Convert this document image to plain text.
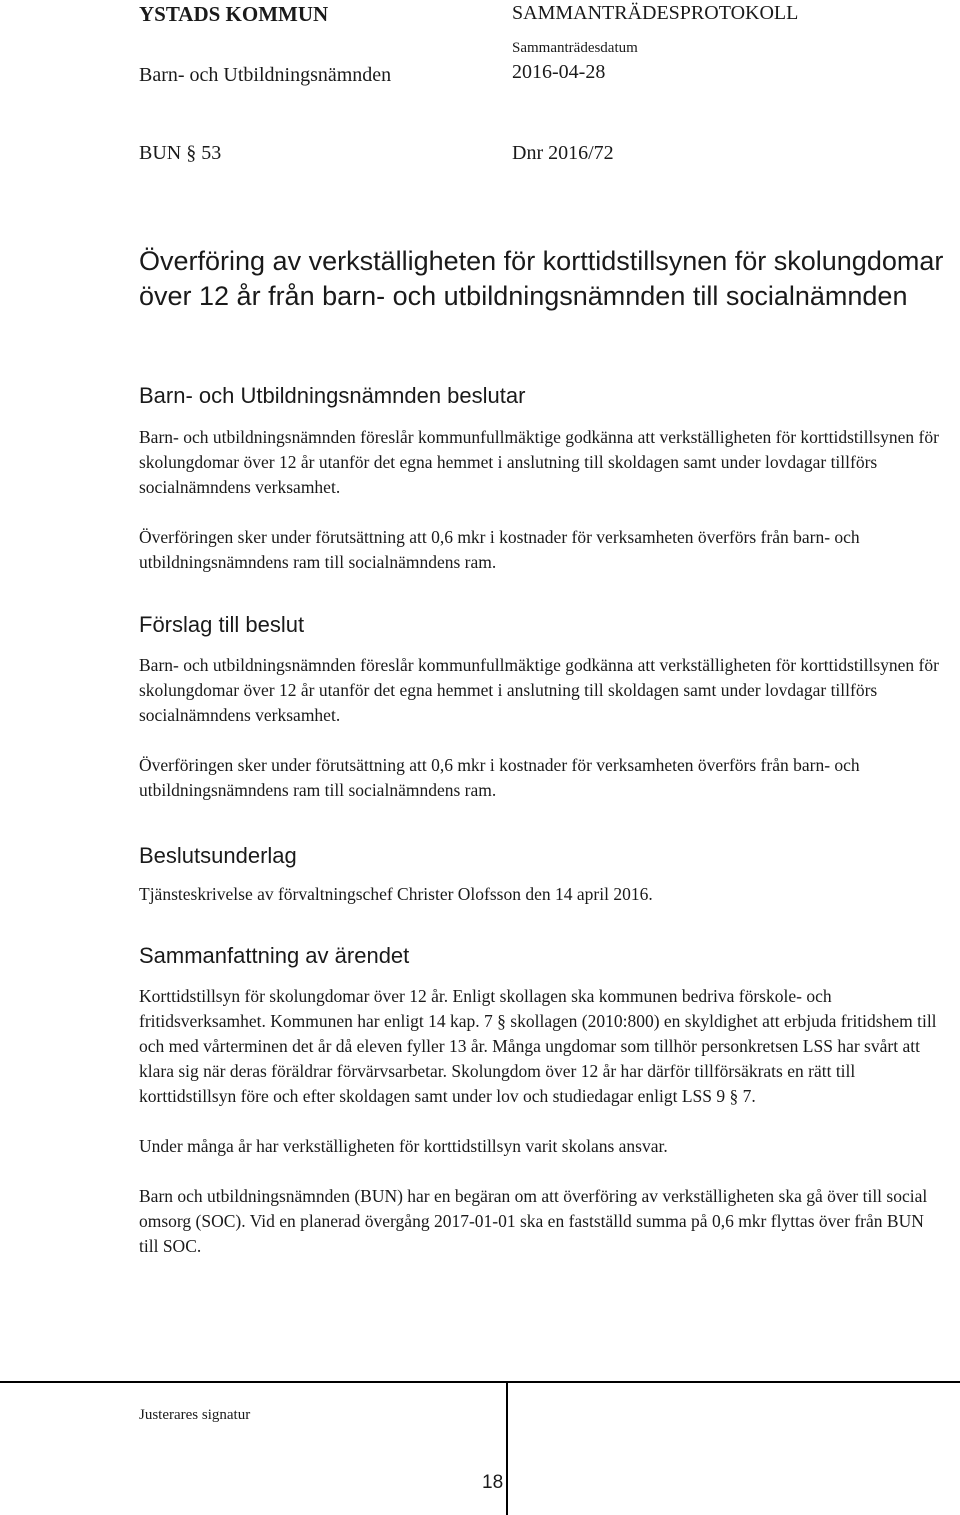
YSTADS KOMMUN
Barn- och Utbildningsnämnden
SAMMANTRÄDESPROTOKOLL
Sammanträdesdatum
2016-04-28
BUN § 53	Dnr 2016/72
Överföring av verkställigheten för korttidstillsynen för skolungdomar över 12 år från barn- och utbildningsnämnden till socialnämnden
Barn- och Utbildningsnämnden beslutar

Barn- och utbildningsnämnden föreslår kommunfullmäktige godkänna att verkställigheten för korttidstillsynen för skolungdomar över 12 år utanför det egna hemmet i anslutning till skoldagen samt under lovdagar tillförs socialnämndens verksamhet.

Överföringen sker under förutsättning att 0,6 mkr i kostnader för verksamheten överförs från barn- och utbildningsnämndens ram till socialnämndens ram.

Förslag till beslut

Barn- och utbildningsnämnden föreslår kommunfullmäktige godkänna att verkställigheten för korttidstillsynen för skolungdomar över 12 år utanför det egna hemmet i anslutning till skoldagen samt under lovdagar tillförs socialnämndens verksamhet.

Överföringen sker under förutsättning att 0,6 mkr i kostnader för verksamheten överförs från barn- och utbildningsnämndens ram till socialnämndens ram.

Beslutsunderlag
Tjänsteskrivelse av förvaltningschef Christer Olofsson den 14 april 2016.
Sammanfattning av ärendet

Korttidstillsyn för skolungdomar över 12 år. Enligt skollagen ska kommunen bedriva förskole- och fritidsverksamhet. Kommunen har enligt 14 kap. 7 § skollagen (2010:800) en skyldighet att erbjuda fritidshem till och med vårterminen det år då eleven fyller 13 år. Många ungdomar som tillhör personkretsen LSS har svårt att klara sig när deras föräldrar förvärvsarbetar. Skolungdom över 12 år har därför tillförsäkrats en rätt till korttidstillsyn före och efter skoldagen samt under lov och studiedagar enligt LSS 9 § 7.

Under många år har verkställigheten för korttidstillsyn varit skolans ansvar.

Barn och utbildningsnämnden (BUN) har en begäran om att överföring av verkställigheten ska gå över till social omsorg (SOC). Vid en planerad övergång 2017-01-01 ska en fastställd summa på 0,6 mkr flyttas över från BUN till SOC.

Justerares signatur
18
